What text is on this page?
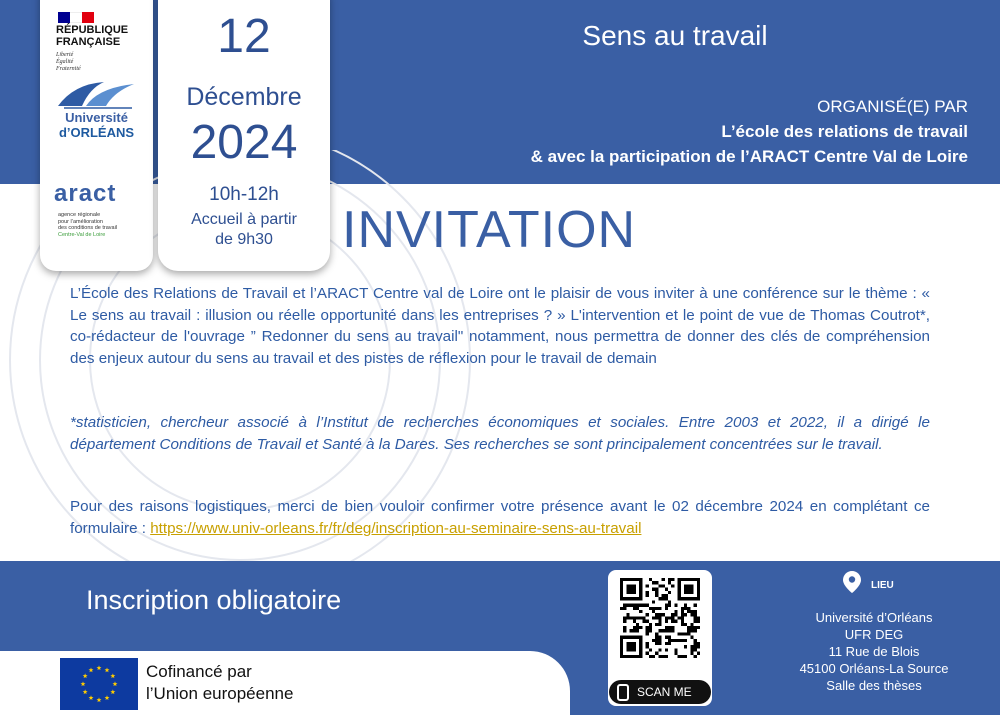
Sens au travail
ORGANISÉ(E) PAR
L’école des relations de travail
& avec la participation de l’ARACT Centre Val de Loire
RÉPUBLIQUE
FRANÇAISE
Liberté
Égalité
Fraternité
Université
d’ORLÉANS
aract
agence régionale
pour l’amélioration
des conditions de travail
Centre-Val de Loire
12
Décembre
2024
10h-12h
Accueil à partir
de 9h30	INVITATION
L’École des Relations de Travail et l’ARACT Centre val de Loire ont le plaisir de vous inviter à une conférence sur le thème : « Le sens au travail : illusion ou réelle opportunité dans les entreprises ? » L'intervention et le point de vue de Thomas Coutrot*, co-rédacteur de l'ouvrage ” Redonner du sens au travail" notamment, nous permettra de donner des clés de compréhension des enjeux autour du sens au travail et des pistes de réflexion pour le travail de demain
*statisticien, chercheur associé à l’Institut de recherches économiques et sociales. Entre 2003 et 2022, il a dirigé le département Conditions de Travail et Santé à la Dares. Ses recherches se sont principalement concentrées sur le travail.
Pour des raisons logistiques, merci de bien vouloir confirmer votre présence avant le 02 décembre 2024 en complétant ce formulaire : https://www.univ-orleans.fr/fr/deg/inscription-au-seminaire-sens-au-travail
Inscription obligatoire
Cofinancé par
l’Union européenne	SCAN ME
LIEU
Université d’Orléans
UFR DEG
11 Rue de Blois
45100 Orléans-La Source
Salle des thèses
